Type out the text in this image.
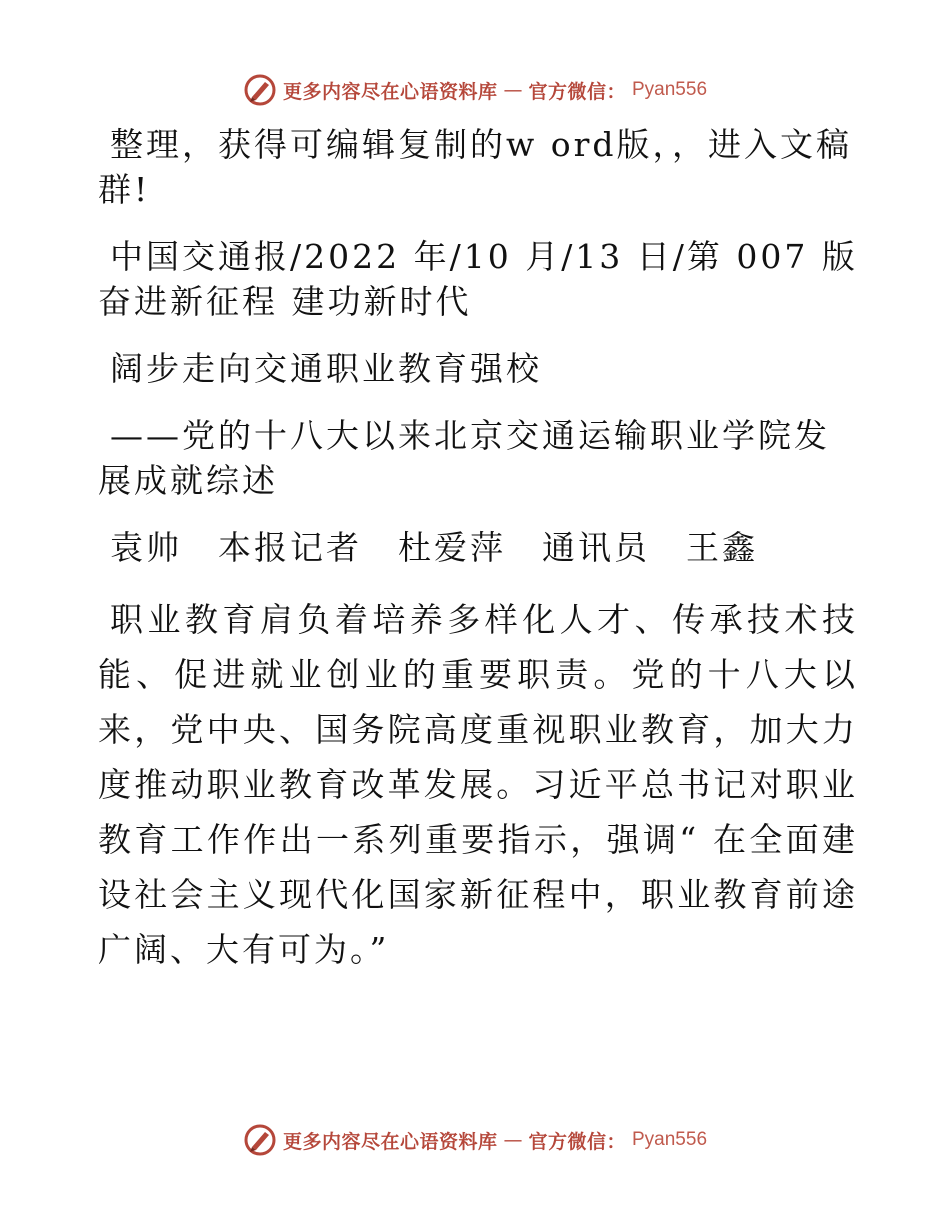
更多内容尽在心语资料库 — 官方微信： Pyan556

整理，获得可编辑复制的w ord版，，进入文稿群!

中国交通报/2022 年/10 月/13 日/第 007 版奋进新征程 建功新时代

阔步走向交通职业教育强校

——党的十八大以来北京交通运输职业学院发展成就综述

袁帅 本报记者 杜爱萍 通讯员 王鑫

职业教育肩负着培养多样化人才、传承技术技能、促进就业创业的重要职责。党的十八大以来，党中央、国务院高度重视职业教育，加大力度推动职业教育改革发展。习近平总书记对职业教育工作作出一系列重要指示，强调“ 在全面建设社会主义现代化国家新征程中，职业教育前途广阔、大有可为。”

更多内容尽在心语资料库 — 官方微信： Pyan556
